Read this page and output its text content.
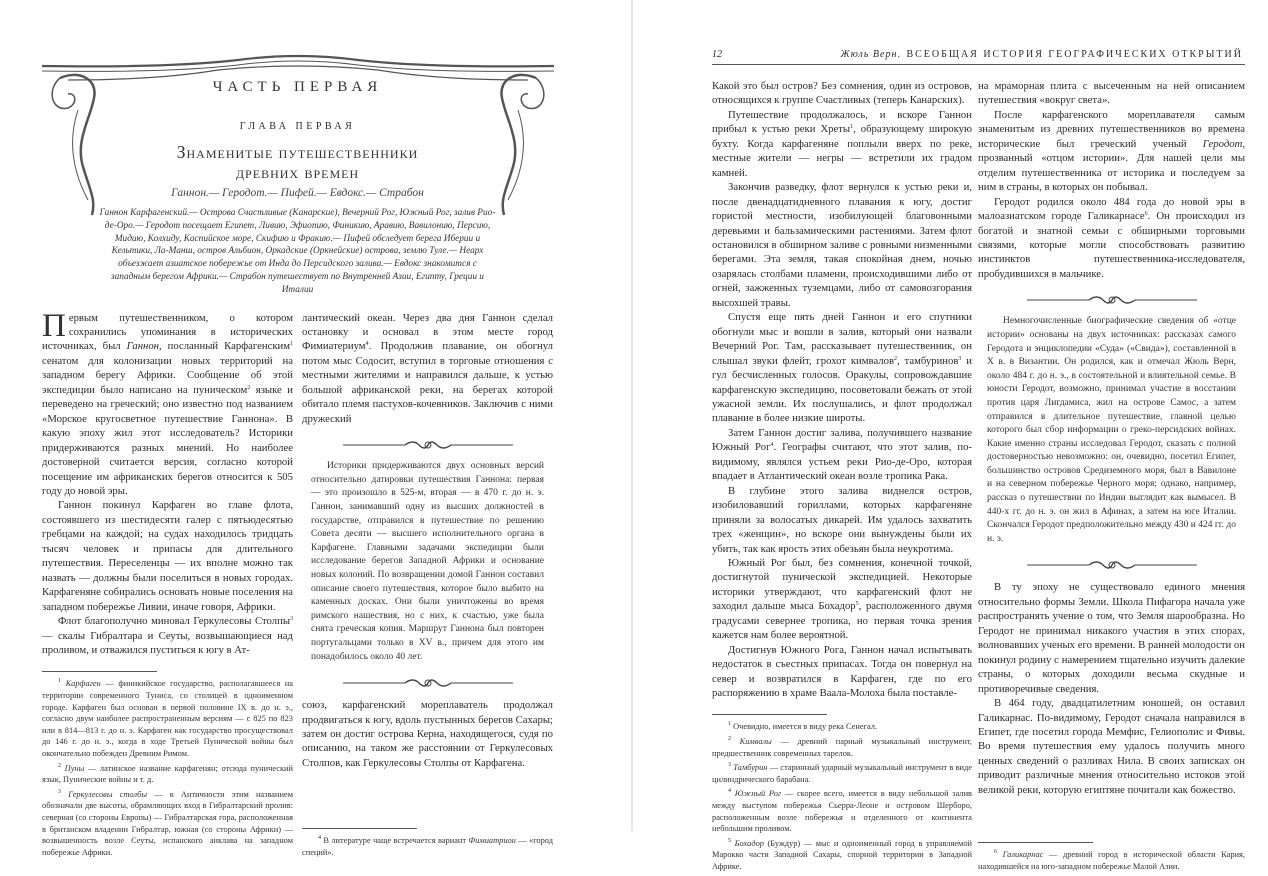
ЧАСТЬ ПЕРВАЯ
ГЛАВА ПЕРВАЯ
Знаменитые путешественники
древних времен
Ганнон.— Геродот.— Пифей.— Евдокс.— Страбон
Ганнон Карфагенский.— Острова Счастливые (Канарские), Вечерний Рог, Южный Рог, залив Рио-де-Оро.— Геродот посещает Египет, Ливию, Эфиопию, Финикию, Аравию, Вавилонию, Персию, Мидию, Колхиду, Каспийское море, Скифию и Фракию.— Пифей обследует берега Иберии и Кельтики, Ла-Манш, остров Альбион, Оркадские (Оркнейские) острова, землю Туле.— Неарх объезжает азиатское побережье от Инда до Персидского залива.— Евдокс знакомится с западным берегом Африки.— Страбон путешествует по Внутренней Азии, Египту, Греции и Италии

Первым путешественником, о котором сохранились упоминания в исторических источниках, был Ганнон, посланный Карфагенским$^1$ сенатом для колонизации новых территорий на западном берегу Африки. Сообщение об этой экспедиции было написано на пуническом$^2$ языке и переведено на греческий; оно известно под названием «Морское кругосветное путешествие Ганнона». В какую эпоху жил этот исследователь? Историки придерживаются разных мнений. Но наиболее достоверной считается версия, согласно которой посещение им африканских берегов относится к 505 году до новой эры.

Ганнон покинул Карфаген во главе флота, состоявшего из шестидесяти галер с пятьюдесятью гребцами на каждой; на судах находилось тридцать тысяч человек и припасы для длительного путешествия. Переселенцы — их вполне можно так назвать — должны были поселиться в новых городах. Карфагеняне собирались основать новые поселения на западном побережье Ливии, иначе говоря, Африки.

Флот благополучно миновал Геркулесовы Столпы$^3$ — скалы Гибралтара и Сеуты, возвышающиеся над проливом, и отважился пуститься к югу в Ат-

$^1$ Карфаген — финикийское государство, располагавшееся на территории современного Туниса, со столицей в одноименном городе. Карфаген был основан в первой половине IX в. до н. э., согласно двум наиболее распространенным версиям — с 825 по 823 или в 814—813 г. до н. э. Карфаген как государство просуществовал до 146 г. до н. э., когда в ходе Третьей Пунической войны был окончательно побежден Древним Римом.

$^2$ Пуны — латинское название карфагенян; отсюда пунический язык, Пунические войны и т. д.

$^3$ Геркулесовы столбы — в Античности этим названием обозначали две высоты, обрамляющих вход в Гибралтарский пролив: северная (со стороны Европы) — Гибралтарская гора, расположенная в британском владении Гибралтар, южная (со стороны Африки) — возвышенность возле Сеуты, испанского анклава на западном побережье Африки.

лантический океан. Через два дня Ганнон сделал остановку и основал в этом месте город Фимиатериум$^4$. Продолжив плавание, он обогнул потом мыс Содосит, вступил в торговые отношения с местными жителями и направился дальше, к устью большой африканской реки, на берегах которой обитало племя пастухов-кочевников. Заключив с ними дружеский

Историки придерживаются двух основных версий относительно датировки путешествия Ганнона: первая — это произошло в 525-м, вторая — в 470 г. до н. э. Ганнон, занимавший одну из высших должностей в государстве, отправился в путешествие по решению Совета десяти — высшего исполнительного органа в Карфагене. Главными задачами экспедиции были исследование берегов Западной Африки и основание новых колоний. По возвращении домой Ганнон составил описание своего путешествия, которое было выбито на каменных досках. Они были уничтожены во время римского нашествия, но с них, к счастью, уже была снята греческая копия. Маршрут Ганнона был повторен португальцами только в XV в., причем для этого им понадобилось около 40 лет.

союз, карфагенский мореплаватель продолжал продвигаться к югу, вдоль пустынных берегов Сахары; затем он достиг острова Керна, находящегося, судя по описанию, на таком же расстоянии от Геркулесовых Столпов, как Геркулесовы Столпы от Карфагена.

$^4$ В литературе чаще встречается вариант Фимиатрион — «город специй».

12	Жюль Верн. ВСЕОБЩАЯ ИСТОРИЯ ГЕОГРАФИЧЕСКИХ ОТКРЫТИЙ

Какой это был остров? Без сомнения, один из островов, относящихся к группе Счастливых (теперь Канарских).

Путешествие продолжалось, и вскоре Ганнон прибыл к устью реки Хреты$^1$, образующему широкую бухту. Когда карфагеняне поплыли вверх по реке, местные жители — негры — встретили их градом камней.

Закончив разведку, флот вернулся к устью реки и, после двенадцатидневного плавания к югу, достиг гористой местности, изобилующей благовонными деревьями и бальзамическими растениями. Затем флот остановился в обширном заливе с ровными низменными берегами. Эта земля, такая спокойная днем, ночью озарялась столбами пламени, происходившими либо от огней, зажженных туземцами, либо от самовозгорания высохшей травы.

Спустя еще пять дней Ганнон и его спутники обогнули мыс и вошли в залив, который они назвали Вечерний Рог. Там, рассказывает путешественник, он слышал звуки флейт, грохот кимвалов$^2$, тамбуринов$^3$ и гул бесчисленных голосов. Оракулы, сопровождавшие карфагенскую экспедицию, посоветовали бежать от этой ужасной земли. Их послушались, и флот продолжал плавание в более низкие широты.

Затем Ганнон достиг залива, получившего название Южный Рог$^4$. Географы считают, что этот залив, по-видимому, являлся устьем реки Рио-де-Оро, которая впадает в Атлантический океан возле тропика Рака.

В глубине этого залива виднелся остров, изобиловавший гориллами, которых карфагеняне приняли за волосатых дикарей. Им удалось захватить трех «женщин», но вскоре они вынуждены были их убить, так как ярость этих обезьян была неукротима.

Южный Рог был, без сомнения, конечной точкой, достигнутой пунической экспедицией. Некоторые историки утверждают, что карфагенский флот не заходил дальше мыса Бохадор$^5$, расположенного двумя градусами севернее тропика, но первая точка зрения кажется нам более вероятной.

Достигнув Южного Рога, Ганнон начал испытывать недостаток в съестных припасах. Тогда он повернул на север и возвратился в Карфаген, где по его распоряжению в храме Ваала-Молоха была поставле-

$^1$ Очевидно, имеется в виду река Сенегал.

$^2$ Кимвалы — древний парный музыкальный инструмент, предшественник современных тарелок.

$^3$ Тамбурин — старинный ударный музыкальный инструмент в виде цилиндрического барабана.

$^4$ Южный Рог — скорее всего, имеется в виду небольшой залив между выступом побережья Сьерра-Леоне и островом Шерборо, расположенным возле побережья и отделенного от континента небольшим проливом.

$^5$ Бохадор (Буждур) — мыс и одноименный город в управляемой Марокко части Западной Сахары, спорной территории в Западной Африке.

на мраморная плита с высеченным на ней описанием путешествия «вокруг света».

После карфагенского мореплавателя самым знаменитым из древних путешественников во времена исторические был греческий ученый Геродот, прозванный «отцом истории». Для нашей цели мы отделим путешественника от историка и последуем за ним в страны, в которых он побывал.

Геродот родился около 484 года до новой эры в малоазиатском городе Галикарнасе$^6$. Он происходил из богатой и знатной семьи с обширными торговыми связями, которые могли способствовать развитию инстинктов путешественника-исследователя, пробудившихся в мальчике.

Немногочисленные биографические сведения об «отце истории» основаны на двух источниках: рассказах самого Геродота и энциклопедии «Суда» («Свида»), составленной в X в. в Византии. Он родился, как и отмечал Жюль Верн, около 484 г. до н. э., в состоятельной и влиятельной семье. В юности Геродот, возможно, принимал участие в восстании против царя Лигдамиса, жил на острове Самос, а затем отправился в длительное путешествие, главной целью которого был сбор информации о греко-персидских войнах. Какие именно страны исследовал Геродот, сказать с полной достоверностью невозможно: он, очевидно, посетил Египет, большинство островов Средиземного моря, был в Вавилоне и на северном побережье Черного моря; однако, например, рассказ о путешествии по Индии выглядит как вымысел. В 440-х гг. до н. э. он жил в Афинах, а затем на юге Италии. Скончался Геродот предположительно между 430 и 424 гг. до н. э.

В ту эпоху не существовало единого мнения относительно формы Земли. Школа Пифагора начала уже распространять учение о том, что Земля шарообразна. Но Геродот не принимал никакого участия в этих спорах, волновавших ученых его времени. В ранней молодости он покинул родину с намерением тщательно изучить далекие страны, о которых доходили весьма скудные и противоречивые сведения.

В 464 году, двадцатилетним юношей, он оставил Галикарнас. По-видимому, Геродот сначала направился в Египет, где посетил города Мемфис, Гелиополис и Фивы. Во время путешествия ему удалось получить много ценных сведений о разливах Нила. В своих записках он приводит различные мнения относительно истоков этой великой реки, которую египтяне почитали как божество.

$^6$ Галикарнас — древний город в исторической области Кария, находившейся на юго-западном побережье Малой Азии.
